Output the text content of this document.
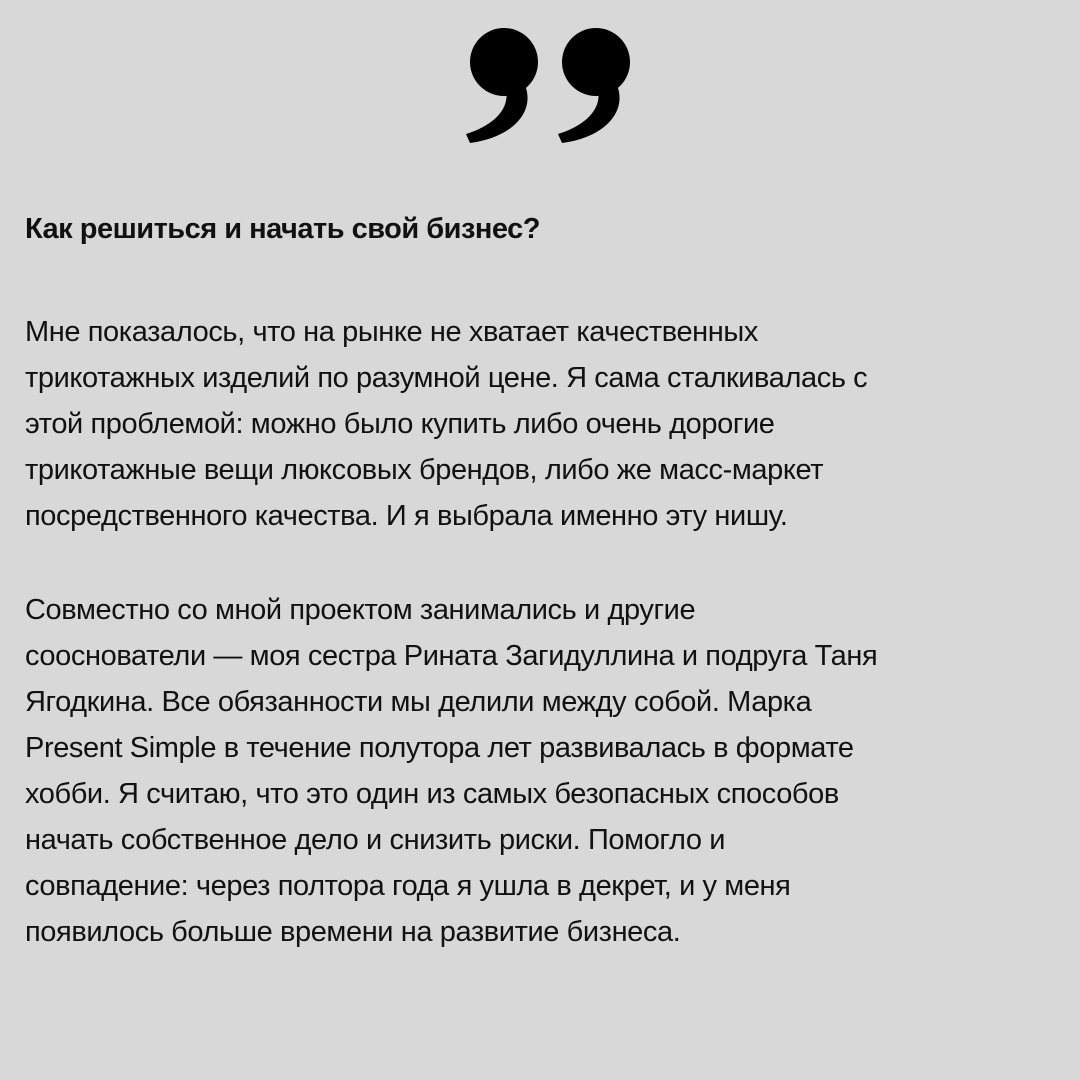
Как решиться и начать свой бизнес?

Мне показалось, что на рынке не хватает качественных
трикотажных изделий по разумной цене. Я сама сталкивалась с
этой проблемой: можно было купить либо очень дорогие
трикотажные вещи люксовых брендов, либо же масс-маркет
посредственного качества. И я выбрала именно эту нишу.

Совместно со мной проектом занимались и другие
сооснователи — моя сестра Рината Загидуллина и подруга Таня
Ягодкина. Все обязанности мы делили между собой. Марка
Present Simple в течение полутора лет развивалась в формате
хобби. Я считаю, что это один из самых безопасных способов
начать собственное дело и снизить риски. Помогло и
совпадение: через полтора года я ушла в декрет, и у меня
появилось больше времени на развитие бизнеса.
